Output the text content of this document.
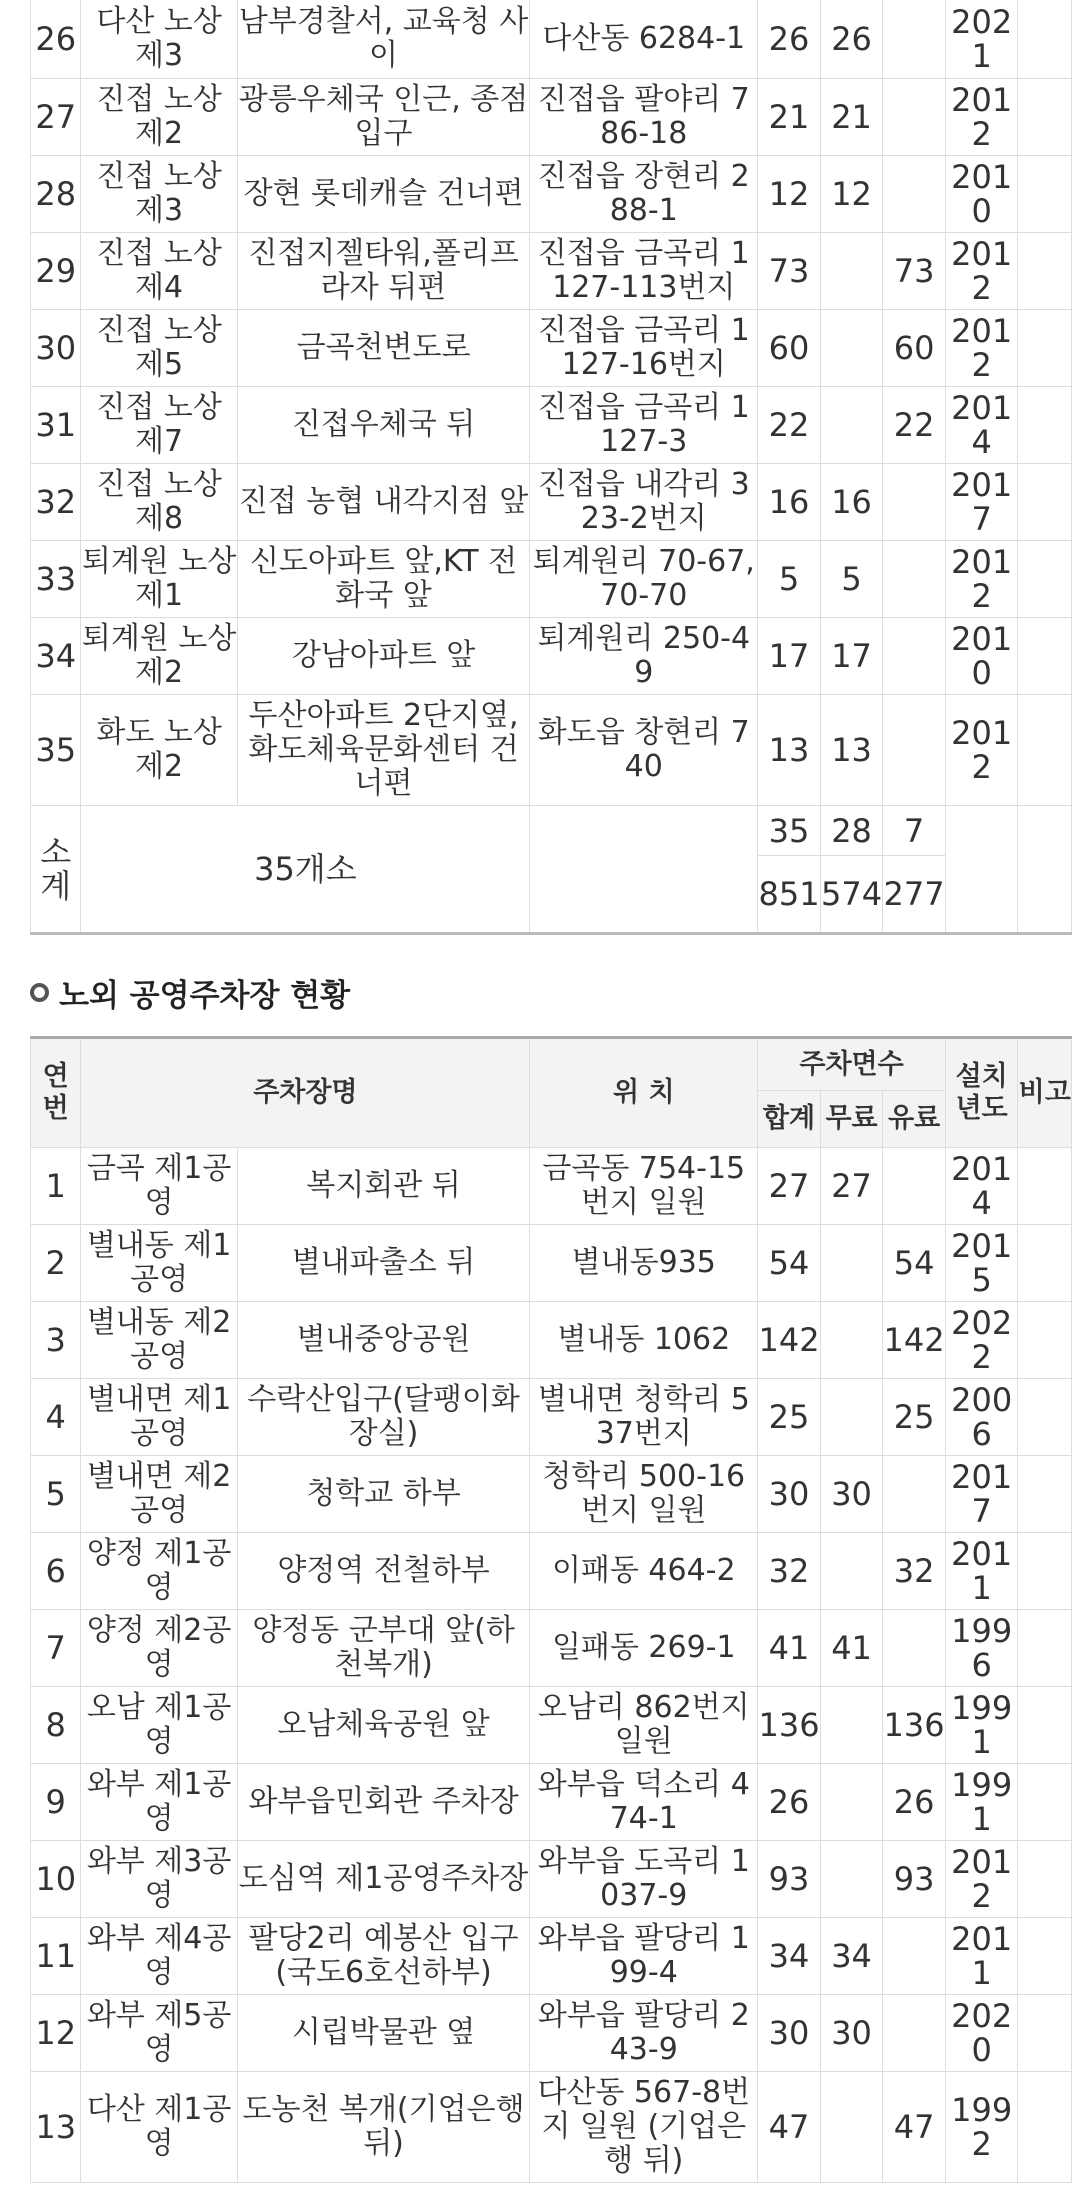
26	다산 노상 제3	남부경찰서, 교육청 사이	다산동 6284-1	26	26		2021	
27	진접 노상 제2	광릉우체국 인근, 종점입구	진접읍 팔야리 786-18	21	21		2012	
28	진접 노상 제3	장현 롯데캐슬 건너편	진접읍 장현리 288-1	12	12		2010	
29	진접 노상 제4	진접지젤타워,폴리프라자 뒤편	진접읍 금곡리 1127-113번지	73		73	2012	
30	진접 노상 제5	금곡천변도로	진접읍 금곡리 1127-16번지	60		60	2012	
31	진접 노상 제7	진접우체국 뒤	진접읍 금곡리 1127-3	22		22	2014	
32	진접 노상 제8	진접 농협 내각지점 앞	진접읍 내각리 323-2번지	16	16		2017	
33	퇴계원 노상제1	신도아파트 앞,KT 전화국 앞	퇴계원리 70-67, 70-70	5	5		2012	
34	퇴계원 노상제2	강남아파트 앞	퇴계원리 250-49	17	17		2010	
35	화도 노상 제2	두산아파트 2단지옆, 화도체육문화센터 건너편	화도읍 창현리 740	13	13		2012	
소계	35개소			35	28	7		
				851	574	277		
노외 공영주차장 현황
연번	주차장명		위 치	주차면수			설치년도	비고
				합계	무료	유료		
1	금곡 제1공영	복지회관 뒤	금곡동 754-15번지 일원	27	27		2014	
2	별내동 제1공영	별내파출소 뒤	별내동935	54		54	2015	
3	별내동 제2공영	별내중앙공원	별내동 1062	142		142	2022	
4	별내면 제1공영	수락산입구(달팽이화장실)	별내면 청학리 537번지	25		25	2006	
5	별내면 제2공영	청학교 하부	청학리 500-16번지 일원	30	30		2017	
6	양정 제1공영	양정역 전철하부	이패동 464-2	32		32	2011	
7	양정 제2공영	양정동 군부대 앞(하천복개)	일패동 269-1	41	41		1996	
8	오남 제1공영	오남체육공원 앞	오남리 862번지 일원	136		136	1991	
9	와부 제1공영	와부읍민회관 주차장	와부읍 덕소리 474-1	26		26	1991	
10	와부 제3공영	도심역 제1공영주차장	와부읍 도곡리 1037-9	93		93	2012	
11	와부 제4공영	팔당2리 예봉산 입구(국도6호선하부)	와부읍 팔당리 199-4	34	34		2011	
12	와부 제5공영	시립박물관 옆	와부읍 팔당리 243-9	30	30		2020	
13	다산 제1공영	도농천 복개(기업은행 뒤)	다산동 567-8번지 일원 (기업은행 뒤)	47		47	1992	
